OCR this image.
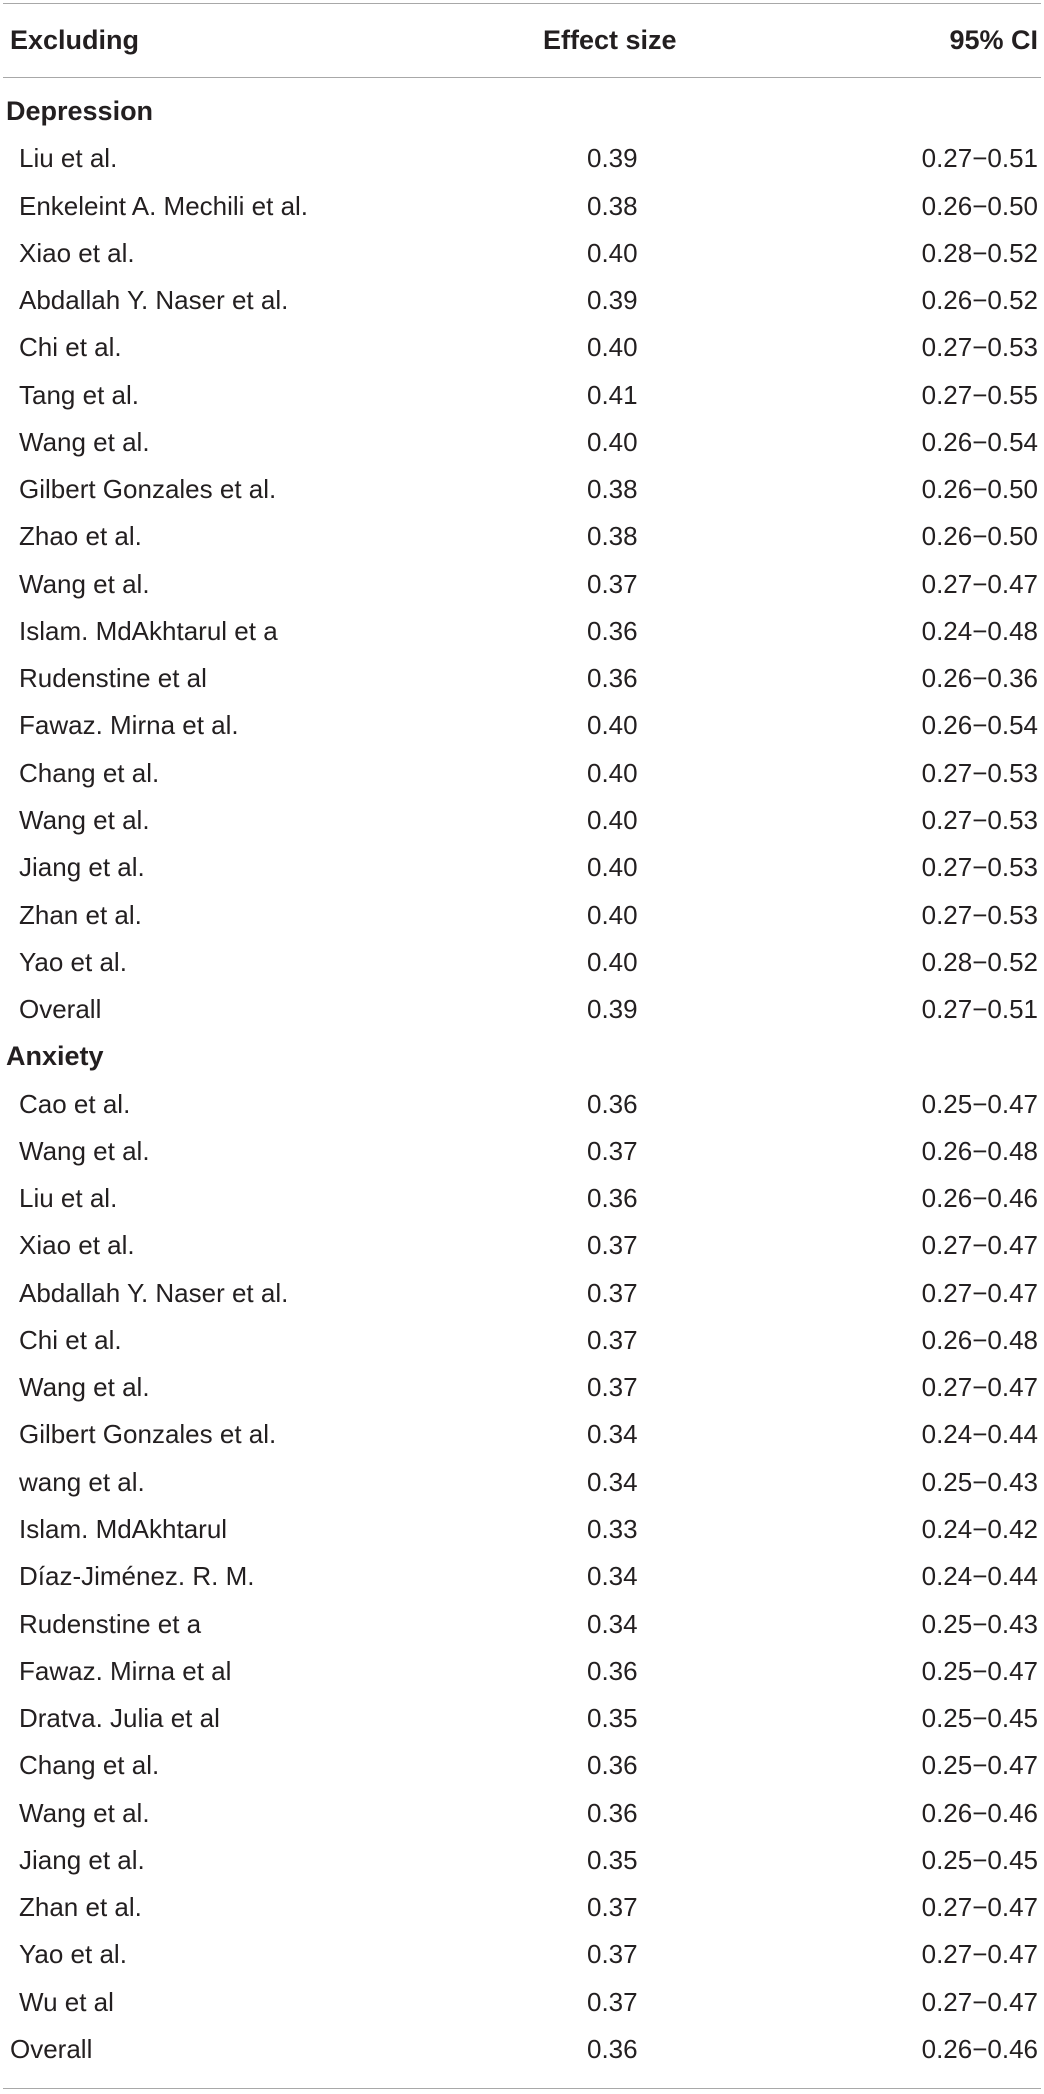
Excluding	Effect size	95% CI
Depression
Liu et al.	0.39	0.27−0.51
Enkeleint A. Mechili et al.	0.38	0.26−0.50
Xiao et al.	0.40	0.28−0.52
Abdallah Y. Naser et al.	0.39	0.26−0.52
Chi et al.	0.40	0.27−0.53
Tang et al.	0.41	0.27−0.55
Wang et al.	0.40	0.26−0.54
Gilbert Gonzales et al.	0.38	0.26−0.50
Zhao et al.	0.38	0.26−0.50
Wang et al.	0.37	0.27−0.47
Islam. MdAkhtarul et a	0.36	0.24−0.48
Rudenstine et al	0.36	0.26−0.36
Fawaz. Mirna et al.	0.40	0.26−0.54
Chang et al.	0.40	0.27−0.53
Wang et al.	0.40	0.27−0.53
Jiang et al.	0.40	0.27−0.53
Zhan et al.	0.40	0.27−0.53
Yao et al.	0.40	0.28−0.52
Overall	0.39	0.27−0.51
Anxiety
Cao et al.	0.36	0.25−0.47
Wang et al.	0.37	0.26−0.48
Liu et al.	0.36	0.26−0.46
Xiao et al.	0.37	0.27−0.47
Abdallah Y. Naser et al.	0.37	0.27−0.47
Chi et al.	0.37	0.26−0.48
Wang et al.	0.37	0.27−0.47
Gilbert Gonzales et al.	0.34	0.24−0.44
wang et al.	0.34	0.25−0.43
Islam. MdAkhtarul	0.33	0.24−0.42
Díaz-Jiménez. R. M.	0.34	0.24−0.44
Rudenstine et a	0.34	0.25−0.43
Fawaz. Mirna et al	0.36	0.25−0.47
Dratva. Julia et al	0.35	0.25−0.45
Chang et al.	0.36	0.25−0.47
Wang et al.	0.36	0.26−0.46
Jiang et al.	0.35	0.25−0.45
Zhan et al.	0.37	0.27−0.47
Yao et al.	0.37	0.27−0.47
Wu et al	0.37	0.27−0.47
Overall	0.36	0.26−0.46
